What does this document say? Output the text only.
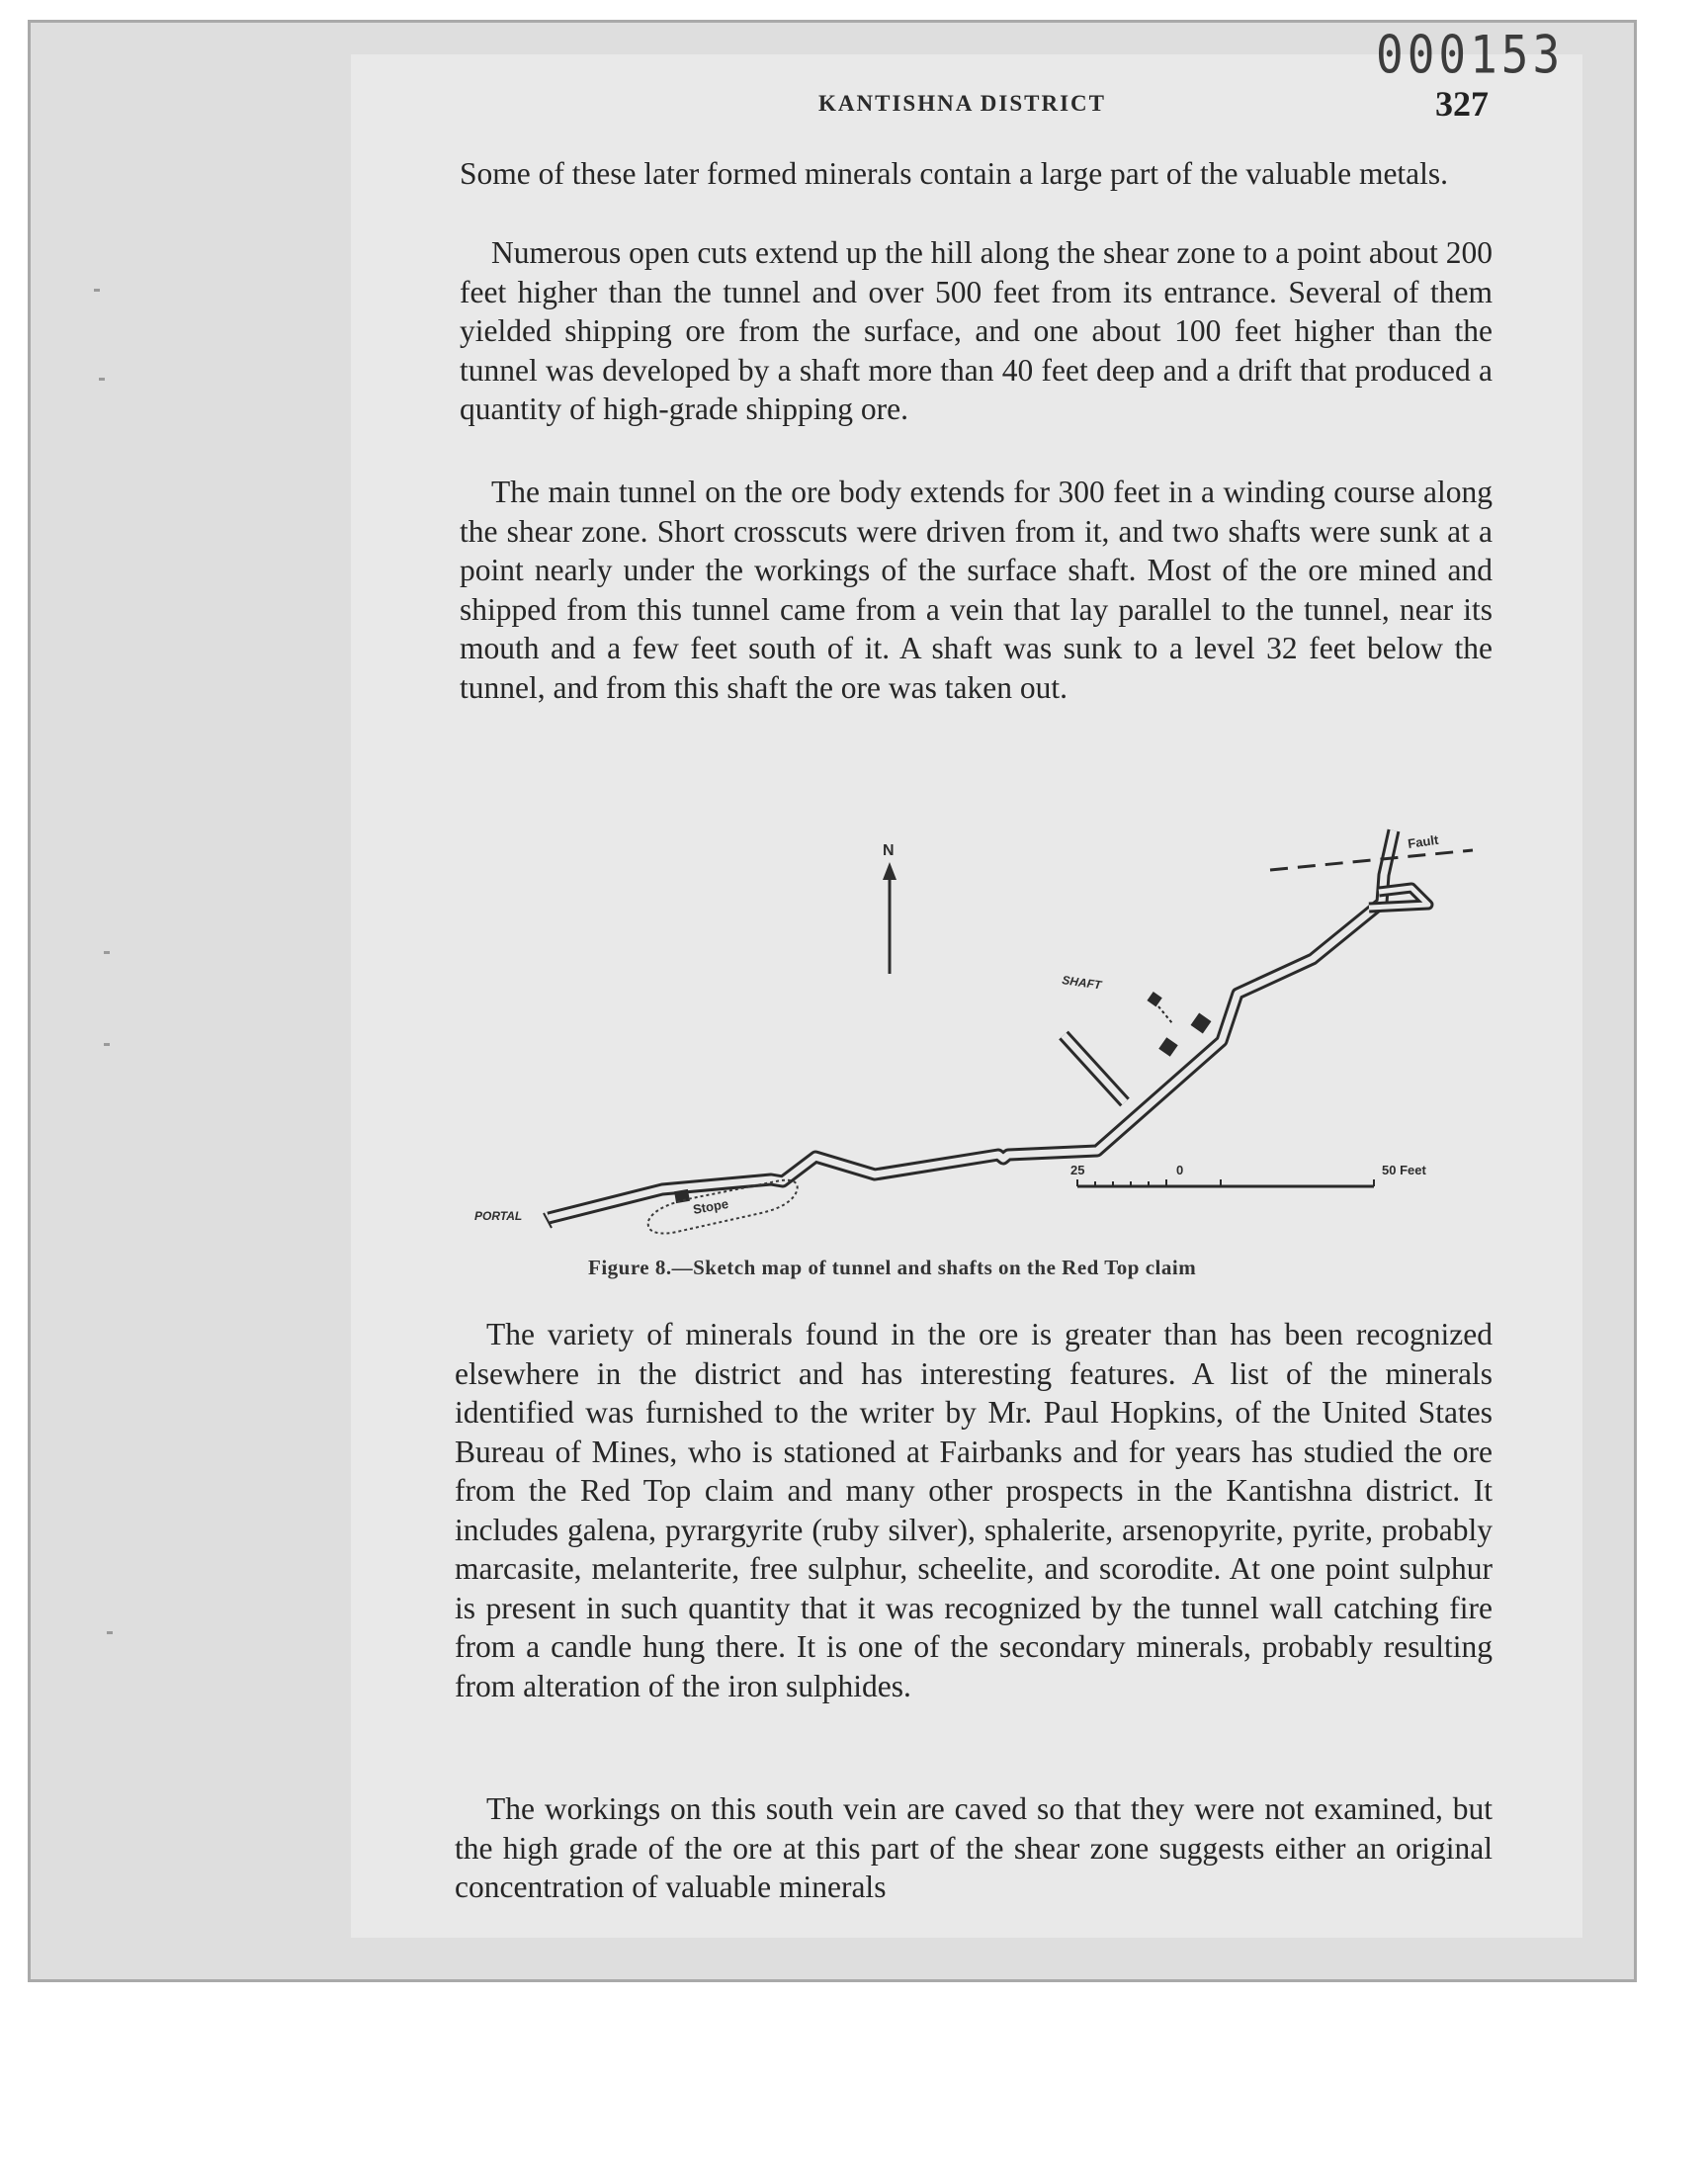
000153
KANTISHNA DISTRICT	327

Some of these later formed minerals contain a large part of the valuable metals.

Numerous open cuts extend up the hill along the shear zone to a point about 200 feet higher than the tunnel and over 500 feet from its entrance. Several of them yielded shipping ore from the surface, and one about 100 feet higher than the tunnel was developed by a shaft more than 40 feet deep and a drift that produced a quantity of high-grade shipping ore.

The main tunnel on the ore body extends for 300 feet in a winding course along the shear zone. Short crosscuts were driven from it, and two shafts were sunk at a point nearly under the workings of the surface shaft. Most of the ore mined and shipped from this tunnel came from a vein that lay parallel to the tunnel, near its mouth and a few feet south of it. A shaft was sunk to a level 32 feet below the tunnel, and from this shaft the ore was taken out.

N	Fault
SHAFT
Stope
PORTAL
25	0	50 Feet
Figure 8.—Sketch map of tunnel and shafts on the Red Top claim

The variety of minerals found in the ore is greater than has been recognized elsewhere in the district and has interesting features. A list of the minerals identified was furnished to the writer by Mr. Paul Hopkins, of the United States Bureau of Mines, who is stationed at Fairbanks and for years has studied the ore from the Red Top claim and many other prospects in the Kantishna district. It includes galena, pyrargyrite (ruby silver), sphalerite, arsenopyrite, pyrite, probably marcasite, melanterite, free sulphur, scheelite, and scorodite. At one point sulphur is present in such quantity that it was recognized by the tunnel wall catching fire from a candle hung there. It is one of the secondary minerals, probably resulting from alteration of the iron sulphides.

The workings on this south vein are caved so that they were not examined, but the high grade of the ore at this part of the shear zone suggests either an original concentration of valuable minerals
